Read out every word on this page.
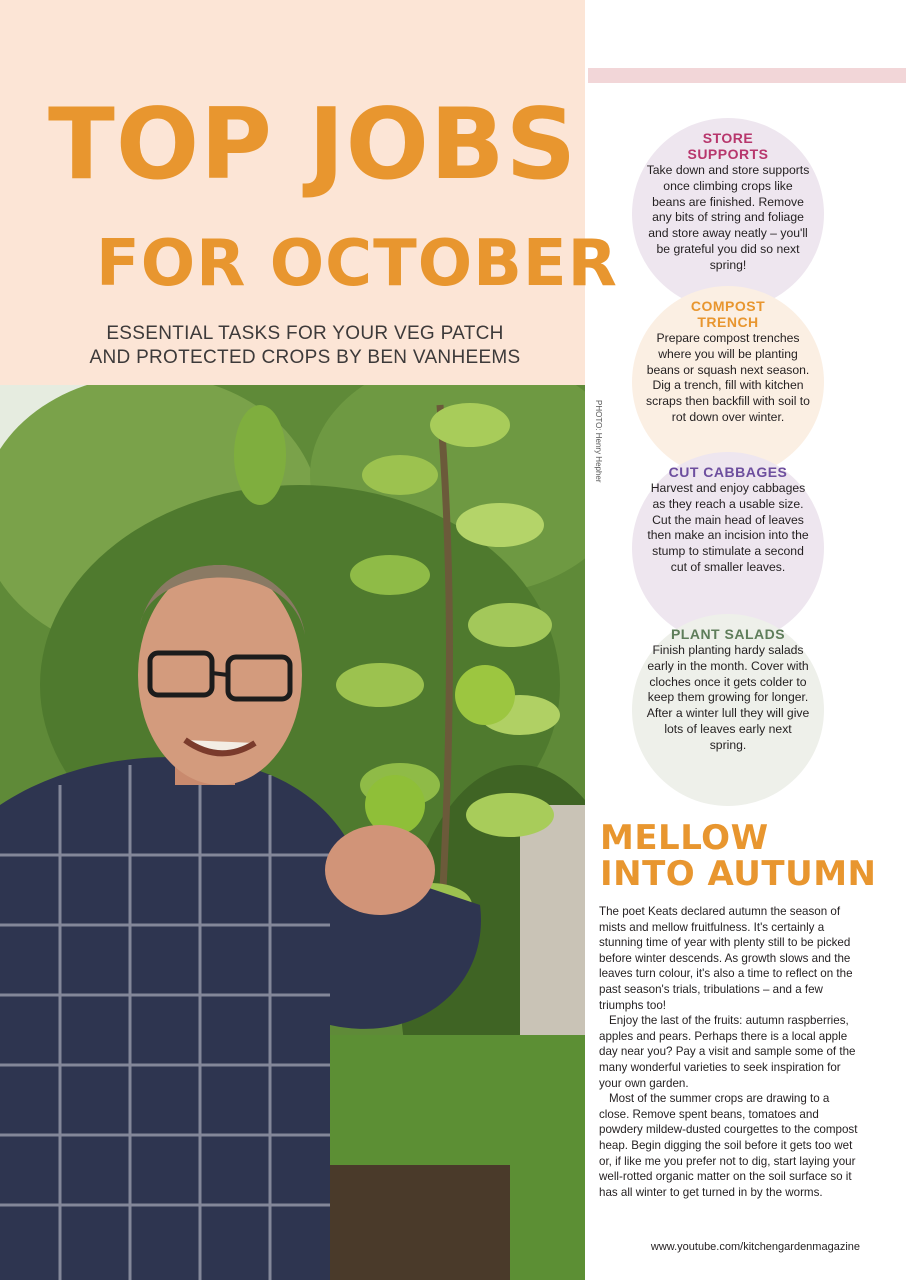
TOP JOBS
FOR OCTOBER
ESSENTIAL TASKS FOR YOUR VEG PATCH
AND PROTECTED CROPS BY BEN VANHEEMS
PHOTO: Henry Hepher
STORE SUPPORTS
Take down and store supports once climbing crops like beans are finished. Remove any bits of string and foliage and store away neatly – you'll be grateful you did so next spring!
COMPOST TRENCH
Prepare compost trenches where you will be planting beans or squash next season. Dig a trench, fill with kitchen scraps then backfill with soil to rot down over winter.
CUT CABBAGES
Harvest and enjoy cabbages as they reach a usable size. Cut the main head of leaves then make an incision into the stump to stimulate a second cut of smaller leaves.
PLANT SALADS
Finish planting hardy salads early in the month. Cover with cloches once it gets colder to keep them growing for longer. After a winter lull they will give lots of leaves early next spring.
MELLOW
INTO AUTUMN

The poet Keats declared autumn the season of mists and mellow fruitfulness. It's certainly a stunning time of year with plenty still to be picked before winter descends. As growth slows and the leaves turn colour, it's also a time to reflect on the past season's trials, tribulations – and a few triumphs too!

Enjoy the last of the fruits: autumn raspberries, apples and pears. Perhaps there is a local apple day near you? Pay a visit and sample some of the many wonderful varieties to seek inspiration for your own garden.

Most of the summer crops are drawing to a close. Remove spent beans, tomatoes and powdery mildew-dusted courgettes to the compost heap. Begin digging the soil before it gets too wet or, if like me you prefer not to dig, start laying your well-rotted organic matter on the soil surface so it has all winter to get turned in by the worms.

www.youtube.com/kitchengardenmagazine
